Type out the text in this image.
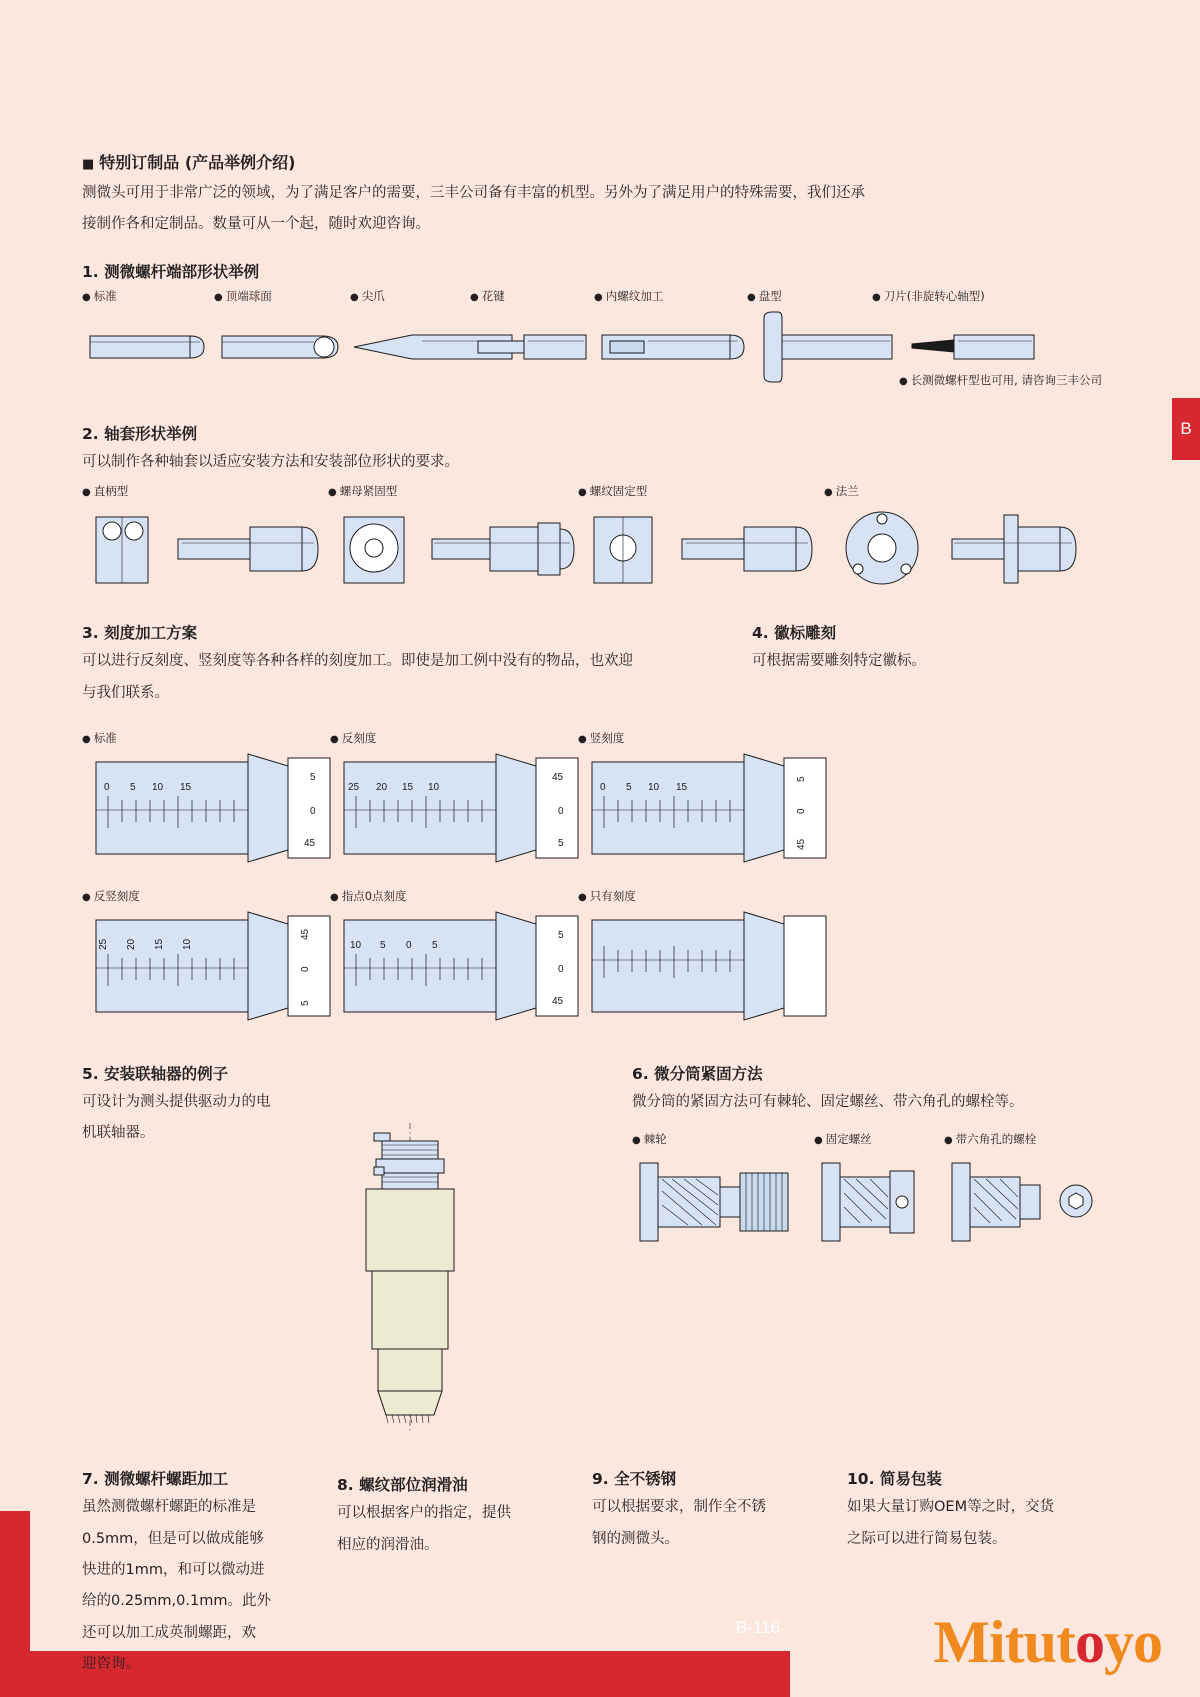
B-116
B
Mitutoyo
■ 特别订制品 (产品举例介绍)

测微头可用于非常广泛的领域，为了满足客户的需要，三丰公司备有丰富的机型。另外为了满足用户的特殊需要，我们还承

接制作各和定制品。数量可从一个起，随时欢迎咨询。

1. 测微螺杆端部形状举例
● 标准	● 顶端球面	● 尖爪	● 花键	● 内螺纹加工	● 盘型	● 刀片(非旋转心轴型)
● 长测微螺杆型也可用, 请咨询三丰公司
2. 轴套形状举例

可以制作各种轴套以适应安装方法和安装部位形状的要求。

● 直柄型	● 螺母紧固型	● 螺纹固定型	● 法兰
3. 刻度加工方案

可以进行反刻度、竖刻度等各种各样的刻度加工。即使是加工例中没有的物品，也欢迎

与我们联系。

4. 徽标雕刻

可根据需要雕刻特定徽标。

● 标准	● 反刻度	● 竖刻度
0 5 10 15
5
0
45
25 20 15 10
45
0
5
0 5 10 15
5
0
45
● 反竖刻度	● 指点0点刻度	● 只有刻度
25 20 15 10
45
0
5
10 5 0 5
5
0
45
5. 安装联轴器的例子

可设计为测头提供驱动力的电

机联轴器。

6. 微分筒紧固方法

微分筒的紧固方法可有棘轮、固定螺丝、带六角孔的螺栓等。

● 棘轮	● 固定螺丝	● 带六角孔的螺栓
7. 测微螺杆螺距加工

虽然测微螺杆螺距的标准是

0.5mm，但是可以做成能够

快进的1mm，和可以微动进

给的0.25mm,0.1mm。此外

还可以加工成英制螺距，欢

迎咨询。

8. 螺纹部位润滑油

可以根据客户的指定，提供

相应的润滑油。

9. 全不锈钢

可以根据要求，制作全不锈

钢的测微头。

10. 简易包装

如果大量订购OEM等之时，交货

之际可以进行简易包装。
